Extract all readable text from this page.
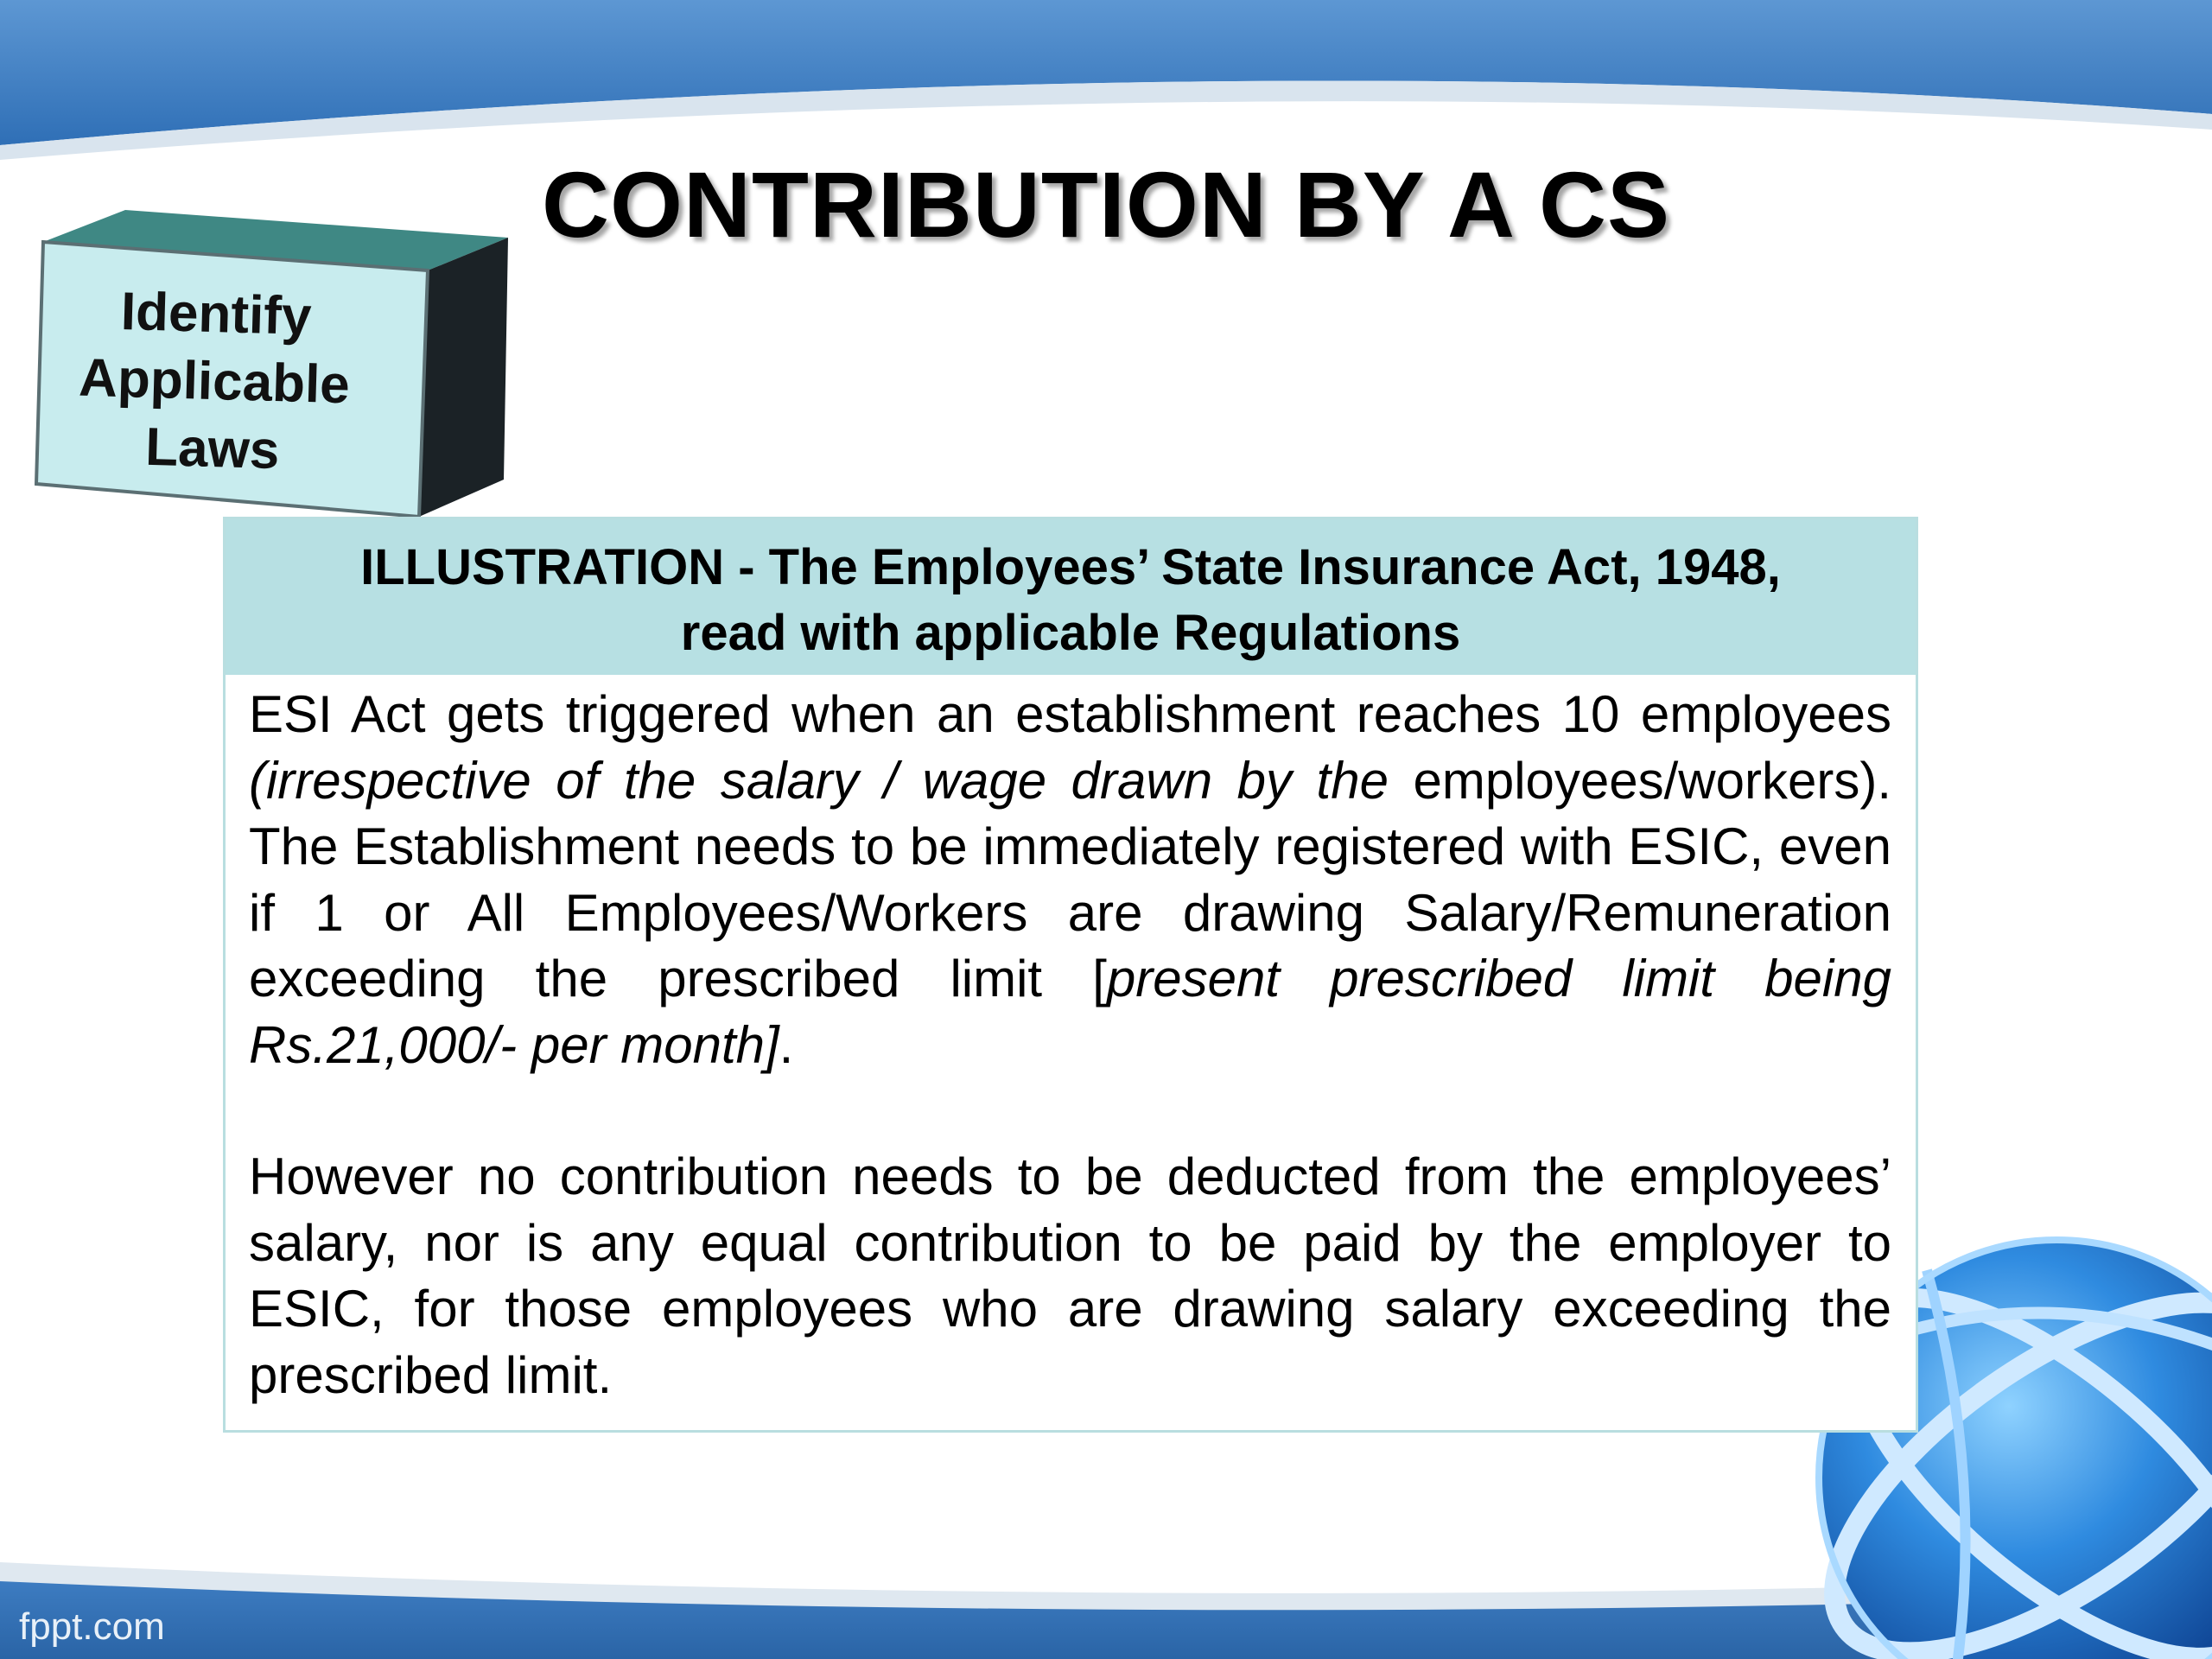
CONTRIBUTION BY A CS
Identify
Applicable
Laws
ILLUSTRATION - The Employees’ State Insurance Act, 1948,
read with applicable Regulations

ESI Act gets triggered when an establishment reaches 10 employees (irrespective of the salary / wage drawn by the employees/workers). The Establishment needs to be immediately registered with ESIC, even if 1 or All Employees/Workers are drawing Salary/Remuneration exceeding the prescribed limit [present prescribed limit being Rs.21,000/- per month].

However no contribution needs to be deducted from the employees’ salary, nor is any equal contribution to be paid by the employer to ESIC, for those employees who are drawing salary exceeding the prescribed limit.

fppt.com
